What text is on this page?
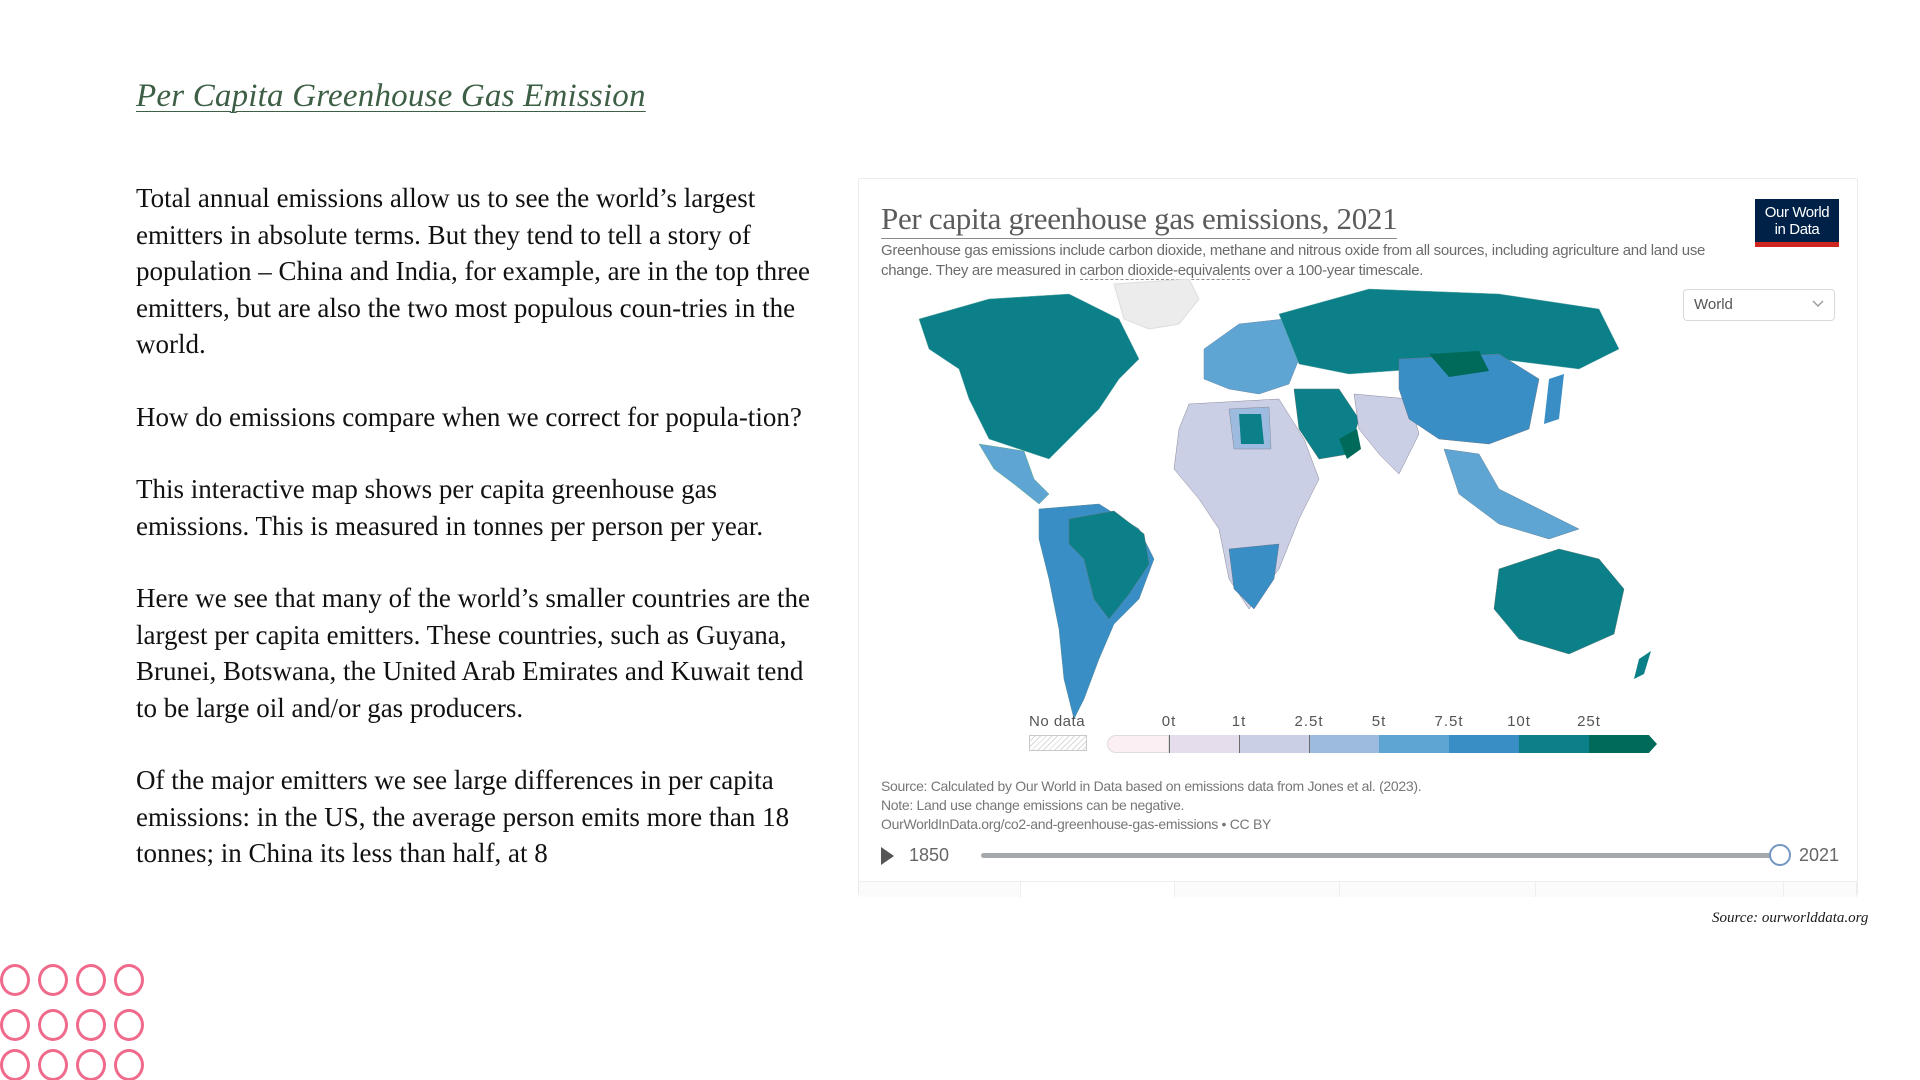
Per Capita Greenhouse Gas Emission

Total annual emissions allow us to see the world’s largest emitters in absolute terms. But they tend to tell a story of population – China and India, for example, are in the top three emitters, but are also the two most populous coun-tries in the world.

How do emissions compare when we correct for popula-tion?

This interactive map shows per capita greenhouse gas emissions. This is measured in tonnes per person per year.

Here we see that many of the world’s smaller countries are the largest per capita emitters. These countries, such as Guyana, Brunei, Botswana, the United Arab Emirates and Kuwait tend to be large oil and/or gas producers.

Of the major emitters we see large differences in per capita emissions: in the US, the average person emits more than 18 tonnes; in China its less than half, at 8

Per capita greenhouse gas emissions, 2021
Greenhouse gas emissions include carbon dioxide, methane and nitrous oxide from all sources, including agriculture and land use change. They are measured in carbon dioxide-equivalents over a 100-year timescale.
Our World
in Data
World
No data	0t	1t	2.5t	5t	7.5t	10t	25t
Source: Calculated by Our World in Data based on emissions data from Jones et al. (2023).
Note: Land use change emissions can be negative.
OurWorldInData.org/co2-and-greenhouse-gas-emissions • CC BY
1850	2021
Source: ourworlddata.org
